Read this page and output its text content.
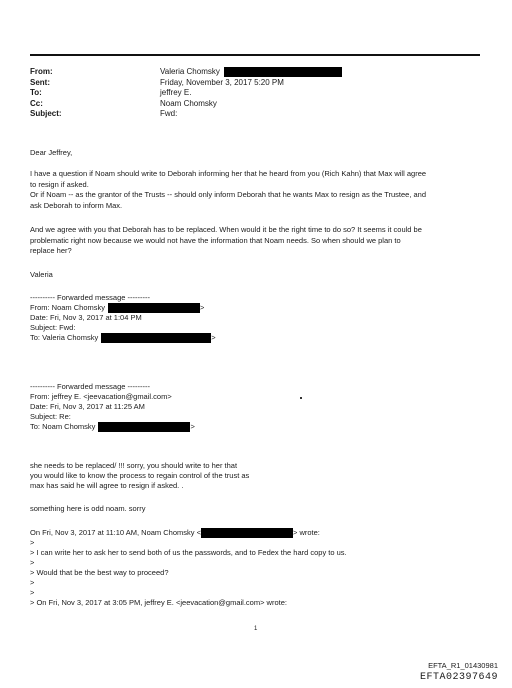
From:	Valeria Chomsky
Sent:	Friday, November 3, 2017 5:20 PM
To:	jeffrey E.
Cc:	Noam Chomsky
Subject:	Fwd:

Dear Jeffrey,

I have a question if Noam should write to Deborah informing her that he heard from you (Rich Kahn) that Max will agree

to resign if asked.

Or if Noam -- as the grantor of the Trusts -- should only inform Deborah that he wants Max to resign as the Trustee, and

ask Deborah to inform Max.

And we agree with you that Deborah has to be replaced. When would it be the right time to do so? It seems it could be

problematic right now because we would not have the information that Noam needs. So when should we plan to

replace her?

Valeria

---------- Forwarded message ---------
From: Noam Chomsky	>
Date: Fri, Nov 3, 2017 at 1:04 PM
Subject: Fwd:
To: Valeria Chomsky	>
---------- Forwarded message ---------
From: jeffrey E. <jeevacation@gmail.com>
Date: Fri, Nov 3, 2017 at 11:25 AM
Subject: Re:
To: Noam Chomsky	>
she needs to be replaced/ !!! sorry, you should write to her that
you would like to know the process to regain control of the trust as
max has said he will agree to resign if asked. .
something here is odd noam. sorry
On Fri, Nov 3, 2017 at 11:10 AM, Noam Chomsky <	> wrote:
>
> I can write her to ask her to send both of us the passwords, and to Fedex the hard copy to us.
>
> Would that be the best way to proceed?
>
>
> On Fri, Nov 3, 2017 at 3:05 PM, jeffrey E. <jeevacation@gmail.com> wrote:
1
EFTA_R1_01430981
EFTA02397649
